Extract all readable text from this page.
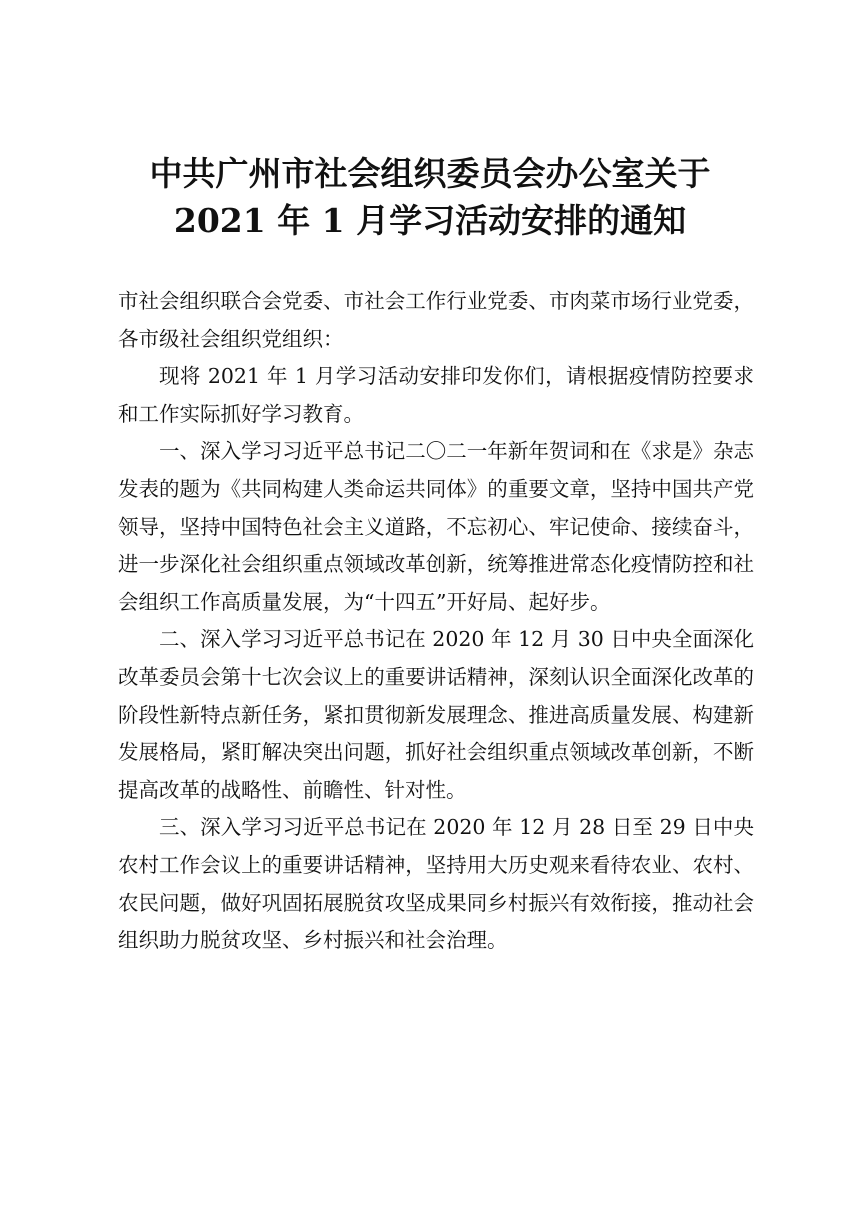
中共广州市社会组织委员会办公室关于
2021 年 1 月学习活动安排的通知

市社会组织联合会党委、市社会工作行业党委、市肉菜市场行业党委，各市级社会组织党组织：

现将 2021 年 1 月学习活动安排印发你们，请根据疫情防控要求和工作实际抓好学习教育。

一、深入学习习近平总书记二〇二一年新年贺词和在《求是》杂志发表的题为《共同构建人类命运共同体》的重要文章，坚持中国共产党领导，坚持中国特色社会主义道路，不忘初心、牢记使命、接续奋斗，进一步深化社会组织重点领域改革创新，统筹推进常态化疫情防控和社会组织工作高质量发展，为“十四五”开好局、起好步。

二、深入学习习近平总书记在 2020 年 12 月 30 日中央全面深化改革委员会第十七次会议上的重要讲话精神，深刻认识全面深化改革的阶段性新特点新任务，紧扣贯彻新发展理念、推进高质量发展、构建新发展格局，紧盯解决突出问题，抓好社会组织重点领域改革创新，不断提高改革的战略性、前瞻性、针对性。

三、深入学习习近平总书记在 2020 年 12 月 28 日至 29 日中央农村工作会议上的重要讲话精神，坚持用大历史观来看待农业、农村、农民问题，做好巩固拓展脱贫攻坚成果同乡村振兴有效衔接，推动社会组织助力脱贫攻坚、乡村振兴和社会治理。
